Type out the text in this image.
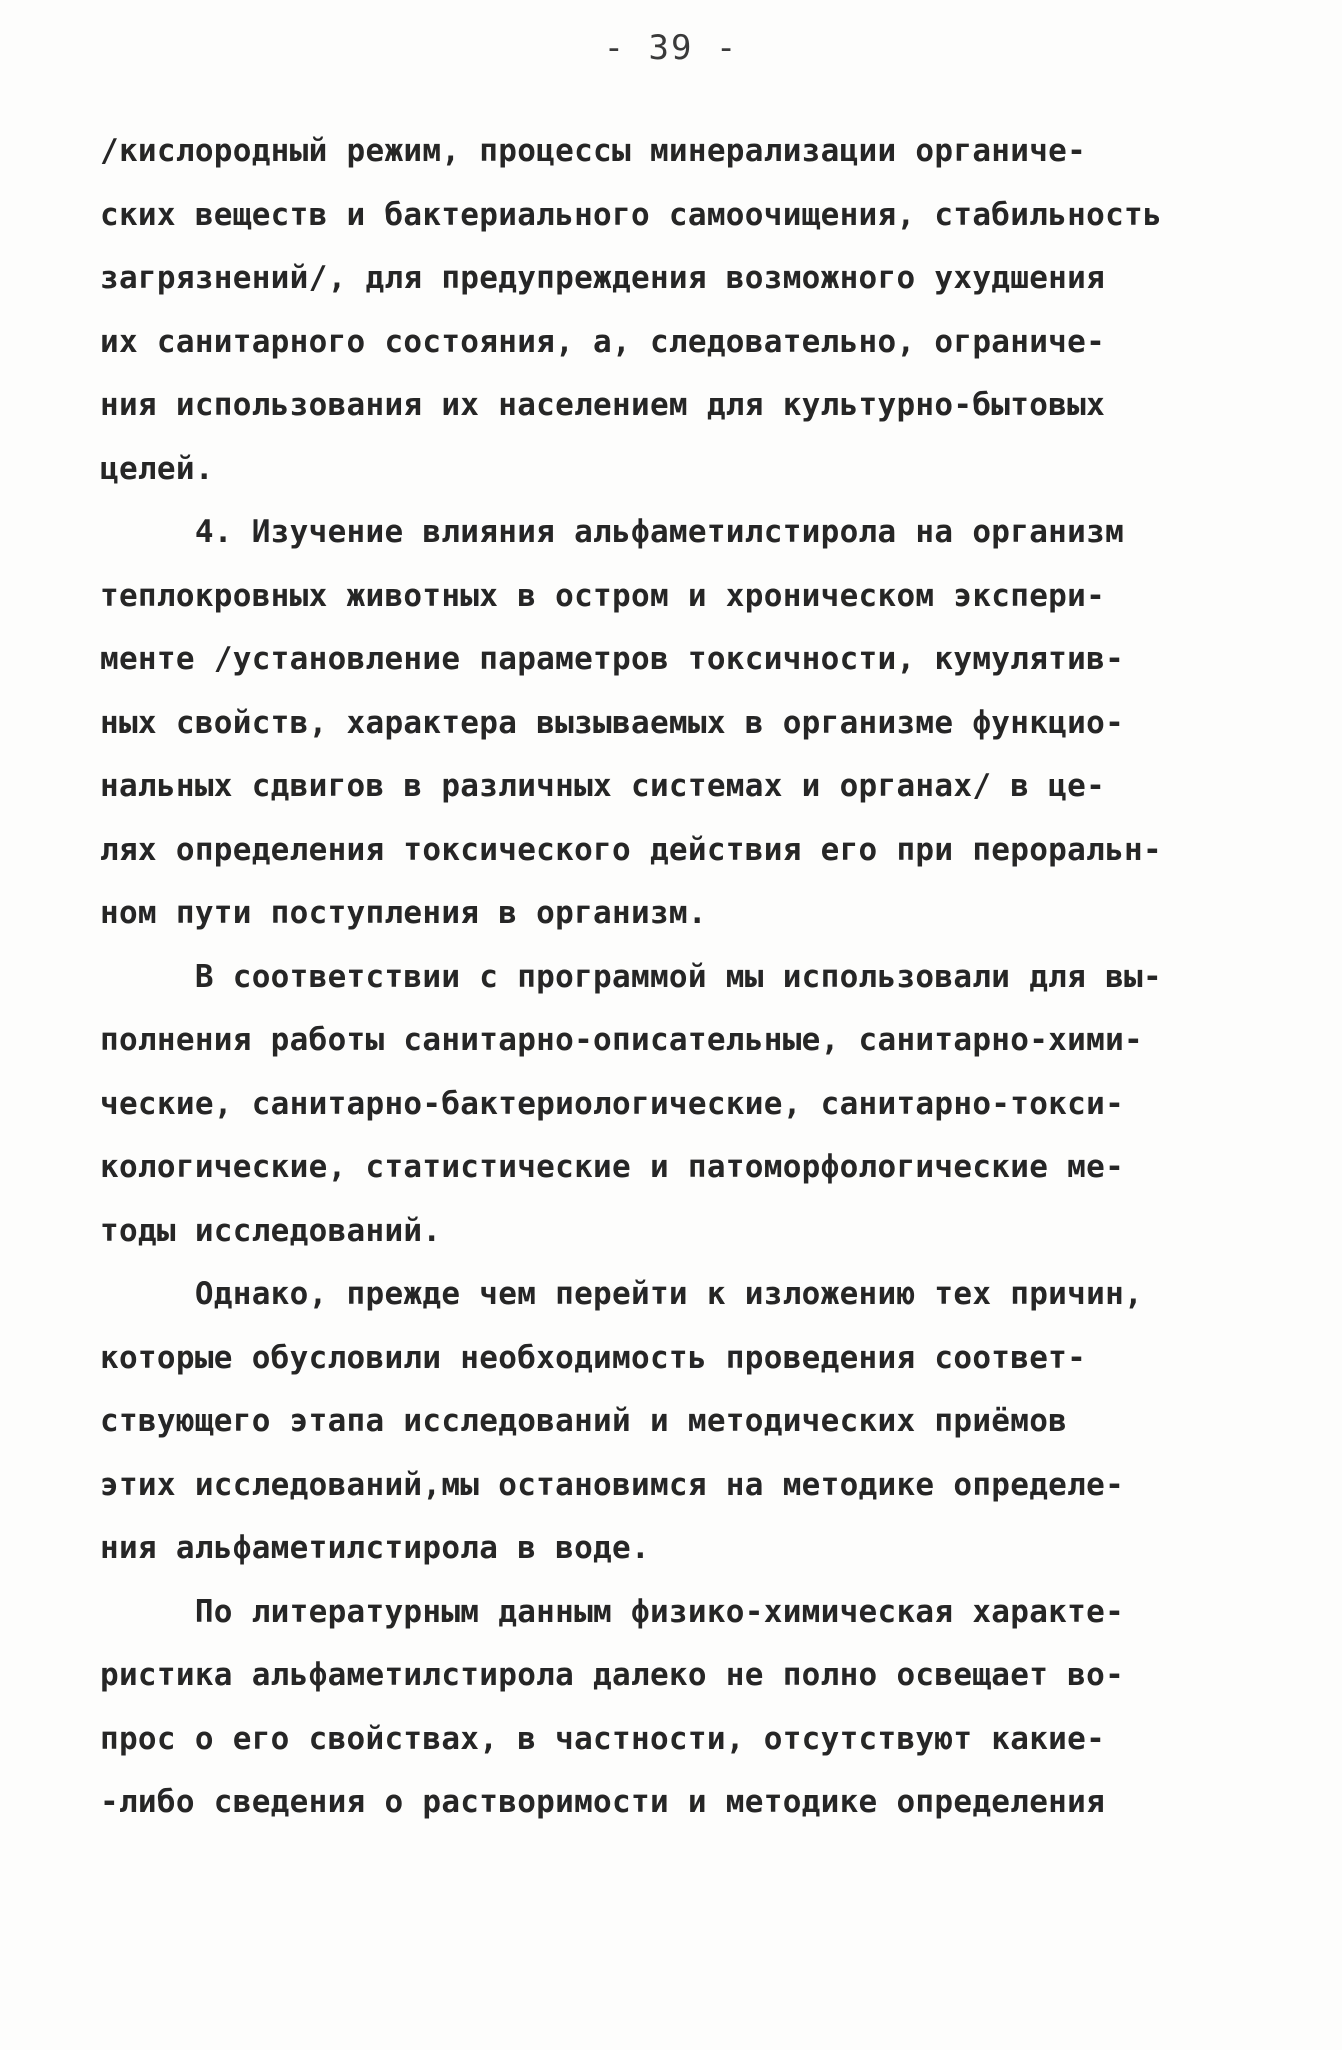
- 39 -
/кислородный режим, процессы минерализации органиче-
ских веществ и бактериального самоочищения, стабильность
загрязнений/, для предупреждения возможного ухудшения
их санитарного состояния, а, следовательно, ограниче-
ния использования их населением для культурно-бытовых
целей.
4. Изучение влияния альфаметилстирола на организм
теплокровных животных в остром и хроническом экспери-
менте /установление параметров токсичности, кумулятив-
ных свойств, характера вызываемых в организме функцио-
нальных сдвигов в различных системах и органах/ в це-
лях определения токсического действия его при пероральн-
ном пути поступления в организм.
В соответствии с программой мы использовали для вы-
полнения работы санитарно-описательные, санитарно-хими-
ческие, санитарно-бактериологические, санитарно-токси-
кологические, статистические и патоморфологические ме-
тоды исследований.
Однако, прежде чем перейти к изложению тех причин,
которые обусловили необходимость проведения соответ-
ствующего этапа исследований и методических приёмов
этих исследований,мы остановимся на методике определе-
ния альфаметилстирола в воде.
По литературным данным физико-химическая характе-
ристика альфаметилстирола далеко не полно освещает во-
прос о его свойствах, в частности, отсутствуют какие-
-либо сведения о растворимости и методике определения
